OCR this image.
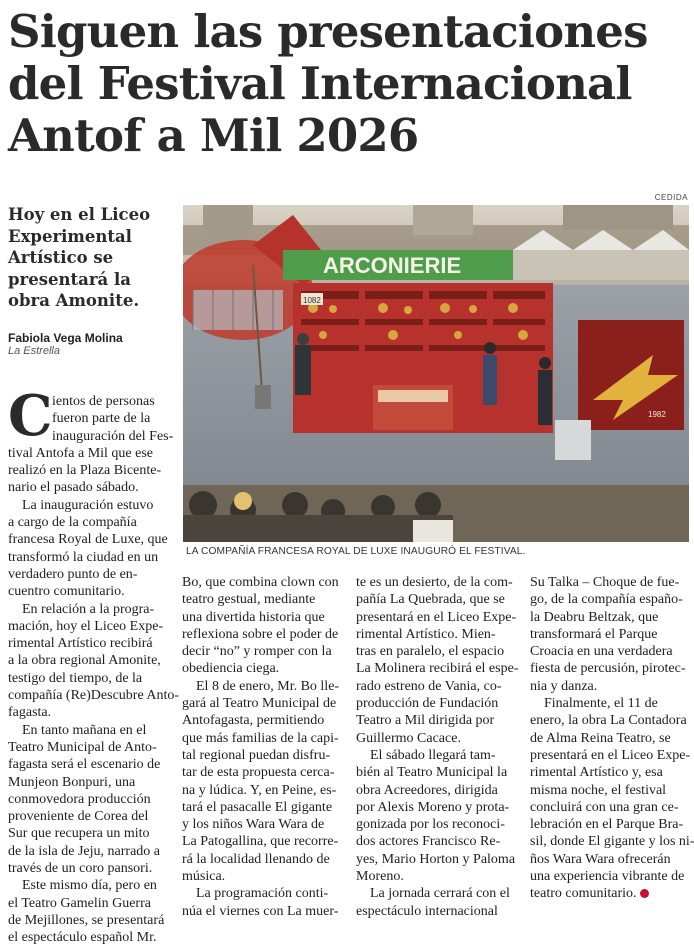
Siguen las presentaciones
del Festival Internacional
Antof a Mil 2026
Hoy en el Liceo
Experimental
Artístico se
presentará la
obra Amonite.
Fabiola Vega Molina
La Estrella
CEDIDA
ARCONIERIE
1082
1982
LA COMPAÑÍA FRANCESA ROYAL DE LUXE INAUGURÓ EL FESTIVAL.
C ientos de personas
fueron parte de la
inauguración del Fes-
tival Antofa a Mil que ese
realizó en la Plaza Bicente-
nario el pasado sábado.
La inauguración estuvo
a cargo de la compañía
francesa Royal de Luxe, que
transformó la ciudad en un
verdadero punto de en-
cuentro comunitario.
En relación a la progra-
mación, hoy el Liceo Expe-
rimental Artístico recibirá
a la obra regional Amonite,
testigo del tiempo, de la
compañía (Re)Descubre Anto-
fagasta.
En tanto mañana en el
Teatro Municipal de Anto-
fagasta será el escenario de
Munjeon Bonpuri, una
conmovedora producción
proveniente de Corea del
Sur que recupera un mito
de la isla de Jeju, narrado a
través de un coro pansori.
Este mismo día, pero en
el Teatro Gamelin Guerra
de Mejillones, se presentará
el espectáculo español Mr.
Bo, que combina clown con
teatro gestual, mediante
una divertida historia que
reflexiona sobre el poder de
decir “no” y romper con la
obediencia ciega.
El 8 de enero, Mr. Bo lle-
gará al Teatro Municipal de
Antofagasta, permitiendo
que más familias de la capi-
tal regional puedan disfru-
tar de esta propuesta cerca-
na y lúdica. Y, en Peine, es-
tará el pasacalle El gigante
y los niños Wara Wara de
La Patogallina, que recorre-
rá la localidad llenando de
música.
La programación conti-
núa el viernes con La muer-
te es un desierto, de la com-
pañía La Quebrada, que se
presentará en el Liceo Expe-
rimental Artístico. Mien-
tras en paralelo, el espacio
La Molinera recibirá el espe-
rado estreno de Vania, co-
producción de Fundación
Teatro a Mil dirigida por
Guillermo Cacace.
El sábado llegará tam-
bién al Teatro Municipal la
obra Acreedores, dirigida
por Alexis Moreno y prota-
gonizada por los reconoci-
dos actores Francisco Re-
yes, Mario Horton y Paloma
Moreno.
La jornada cerrará con el
espectáculo internacional
Su Talka – Choque de fue-
go, de la compañía españo-
la Deabru Beltzak, que
transformará el Parque
Croacia en una verdadera
fiesta de percusión, pirotec-
nia y danza.
Finalmente, el 11 de
enero, la obra La Contadora
de Alma Reina Teatro, se
presentará en el Liceo Expe-
rimental Artístico y, esa
misma noche, el festival
concluirá con una gran ce-
lebración en el Parque Bra-
sil, donde El gigante y los ni-
ños Wara Wara ofrecerán
una experiencia vibrante de
teatro comunitario.
